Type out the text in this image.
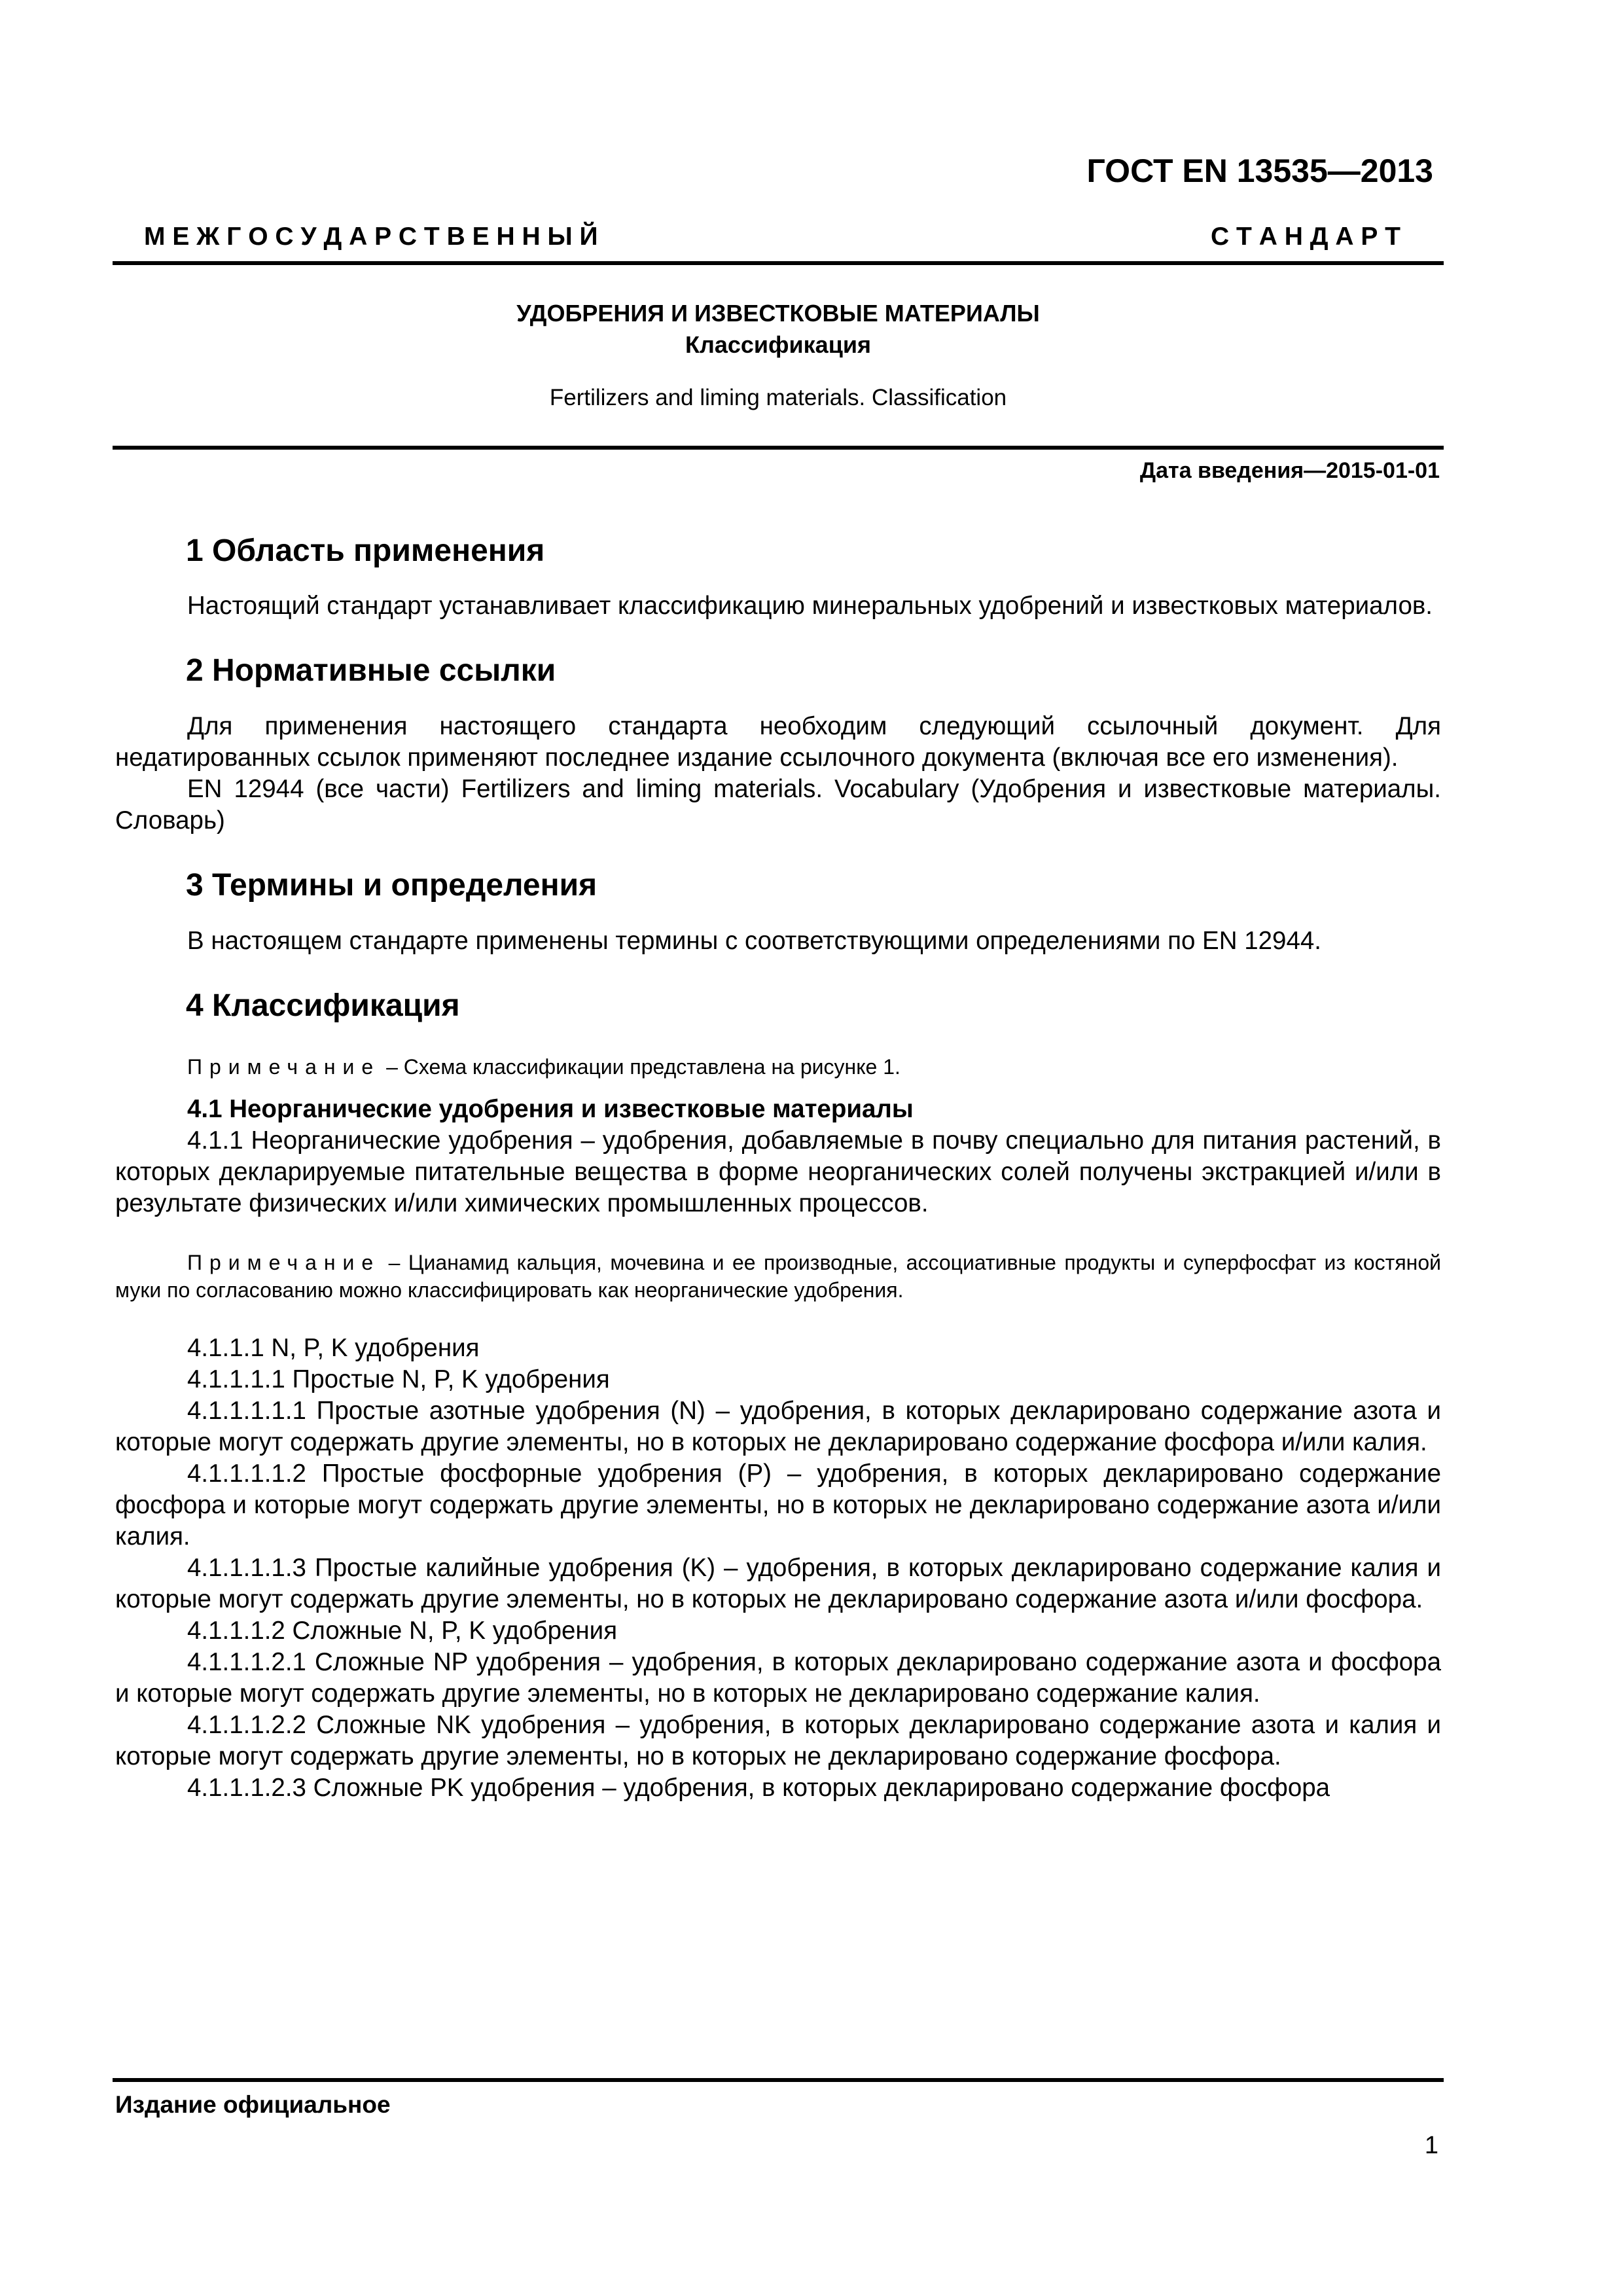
ГОСТ EN 13535—2013
М Е Ж Г О С У Д А Р С Т В Е Н Н Ы Й	С Т А Н Д А Р Т
УДОБРЕНИЯ И ИЗВЕСТКОВЫЕ МАТЕРИАЛЫ
Классификация
Fertilizers and liming materials. Classification
Дата введения—2015-01-01
1 Область применения

Настоящий стандарт устанавливает классификацию минеральных удобрений и известковых материалов.

2 Нормативные ссылки

Для применения настоящего стандарта необходим следующий ссылочный документ. Для недатированных ссылок применяют последнее издание ссылочного документа (включая все его изменения).

EN 12944 (все части) Fertilizers and liming materials. Vocabulary (Удобрения и известковые материалы. Словарь)

3 Термины и определения

В настоящем стандарте применены термины с соответствующими определениями по EN 12944.

4 Классификация

Примечание – Схема классификации представлена на рисунке 1.

4.1 Неорганические удобрения и известковые материалы

4.1.1 Неорганические удобрения – удобрения, добавляемые в почву специально для питания растений, в которых декларируемые питательные вещества в форме неорганических солей получены экстракцией и/или в результате физических и/или химических промышленных процессов.

Примечание – Цианамид кальция, мочевина и ее производные, ассоциативные продукты и суперфосфат из костяной муки по согласованию можно классифицировать как неорганические удобрения.

4.1.1.1 N, P, K удобрения

4.1.1.1.1 Простые N, P, K удобрения

4.1.1.1.1.1 Простые азотные удобрения (N) – удобрения, в которых декларировано содержание азота и которые могут содержать другие элементы, но в которых не декларировано содержание фосфора и/или калия.

4.1.1.1.1.2 Простые фосфорные удобрения (P) – удобрения, в которых декларировано содержание фосфора и которые могут содержать другие элементы, но в которых не декларировано содержание азота и/или калия.

4.1.1.1.1.3 Простые калийные удобрения (K) – удобрения, в которых декларировано содержание калия и которые могут содержать другие элементы, но в которых не декларировано содержание азота и/или фосфора.

4.1.1.1.2 Сложные N, P, K удобрения

4.1.1.1.2.1 Сложные NP удобрения – удобрения, в которых декларировано содержание азота и фосфора и которые могут содержать другие элементы, но в которых не декларировано содержание калия.

4.1.1.1.2.2 Сложные NK удобрения – удобрения, в которых декларировано содержание азота и калия и которые могут содержать другие элементы, но в которых не декларировано содержание фосфора.

4.1.1.1.2.3 Сложные PK удобрения – удобрения, в которых декларировано содержание фосфора

Издание официальное
1
